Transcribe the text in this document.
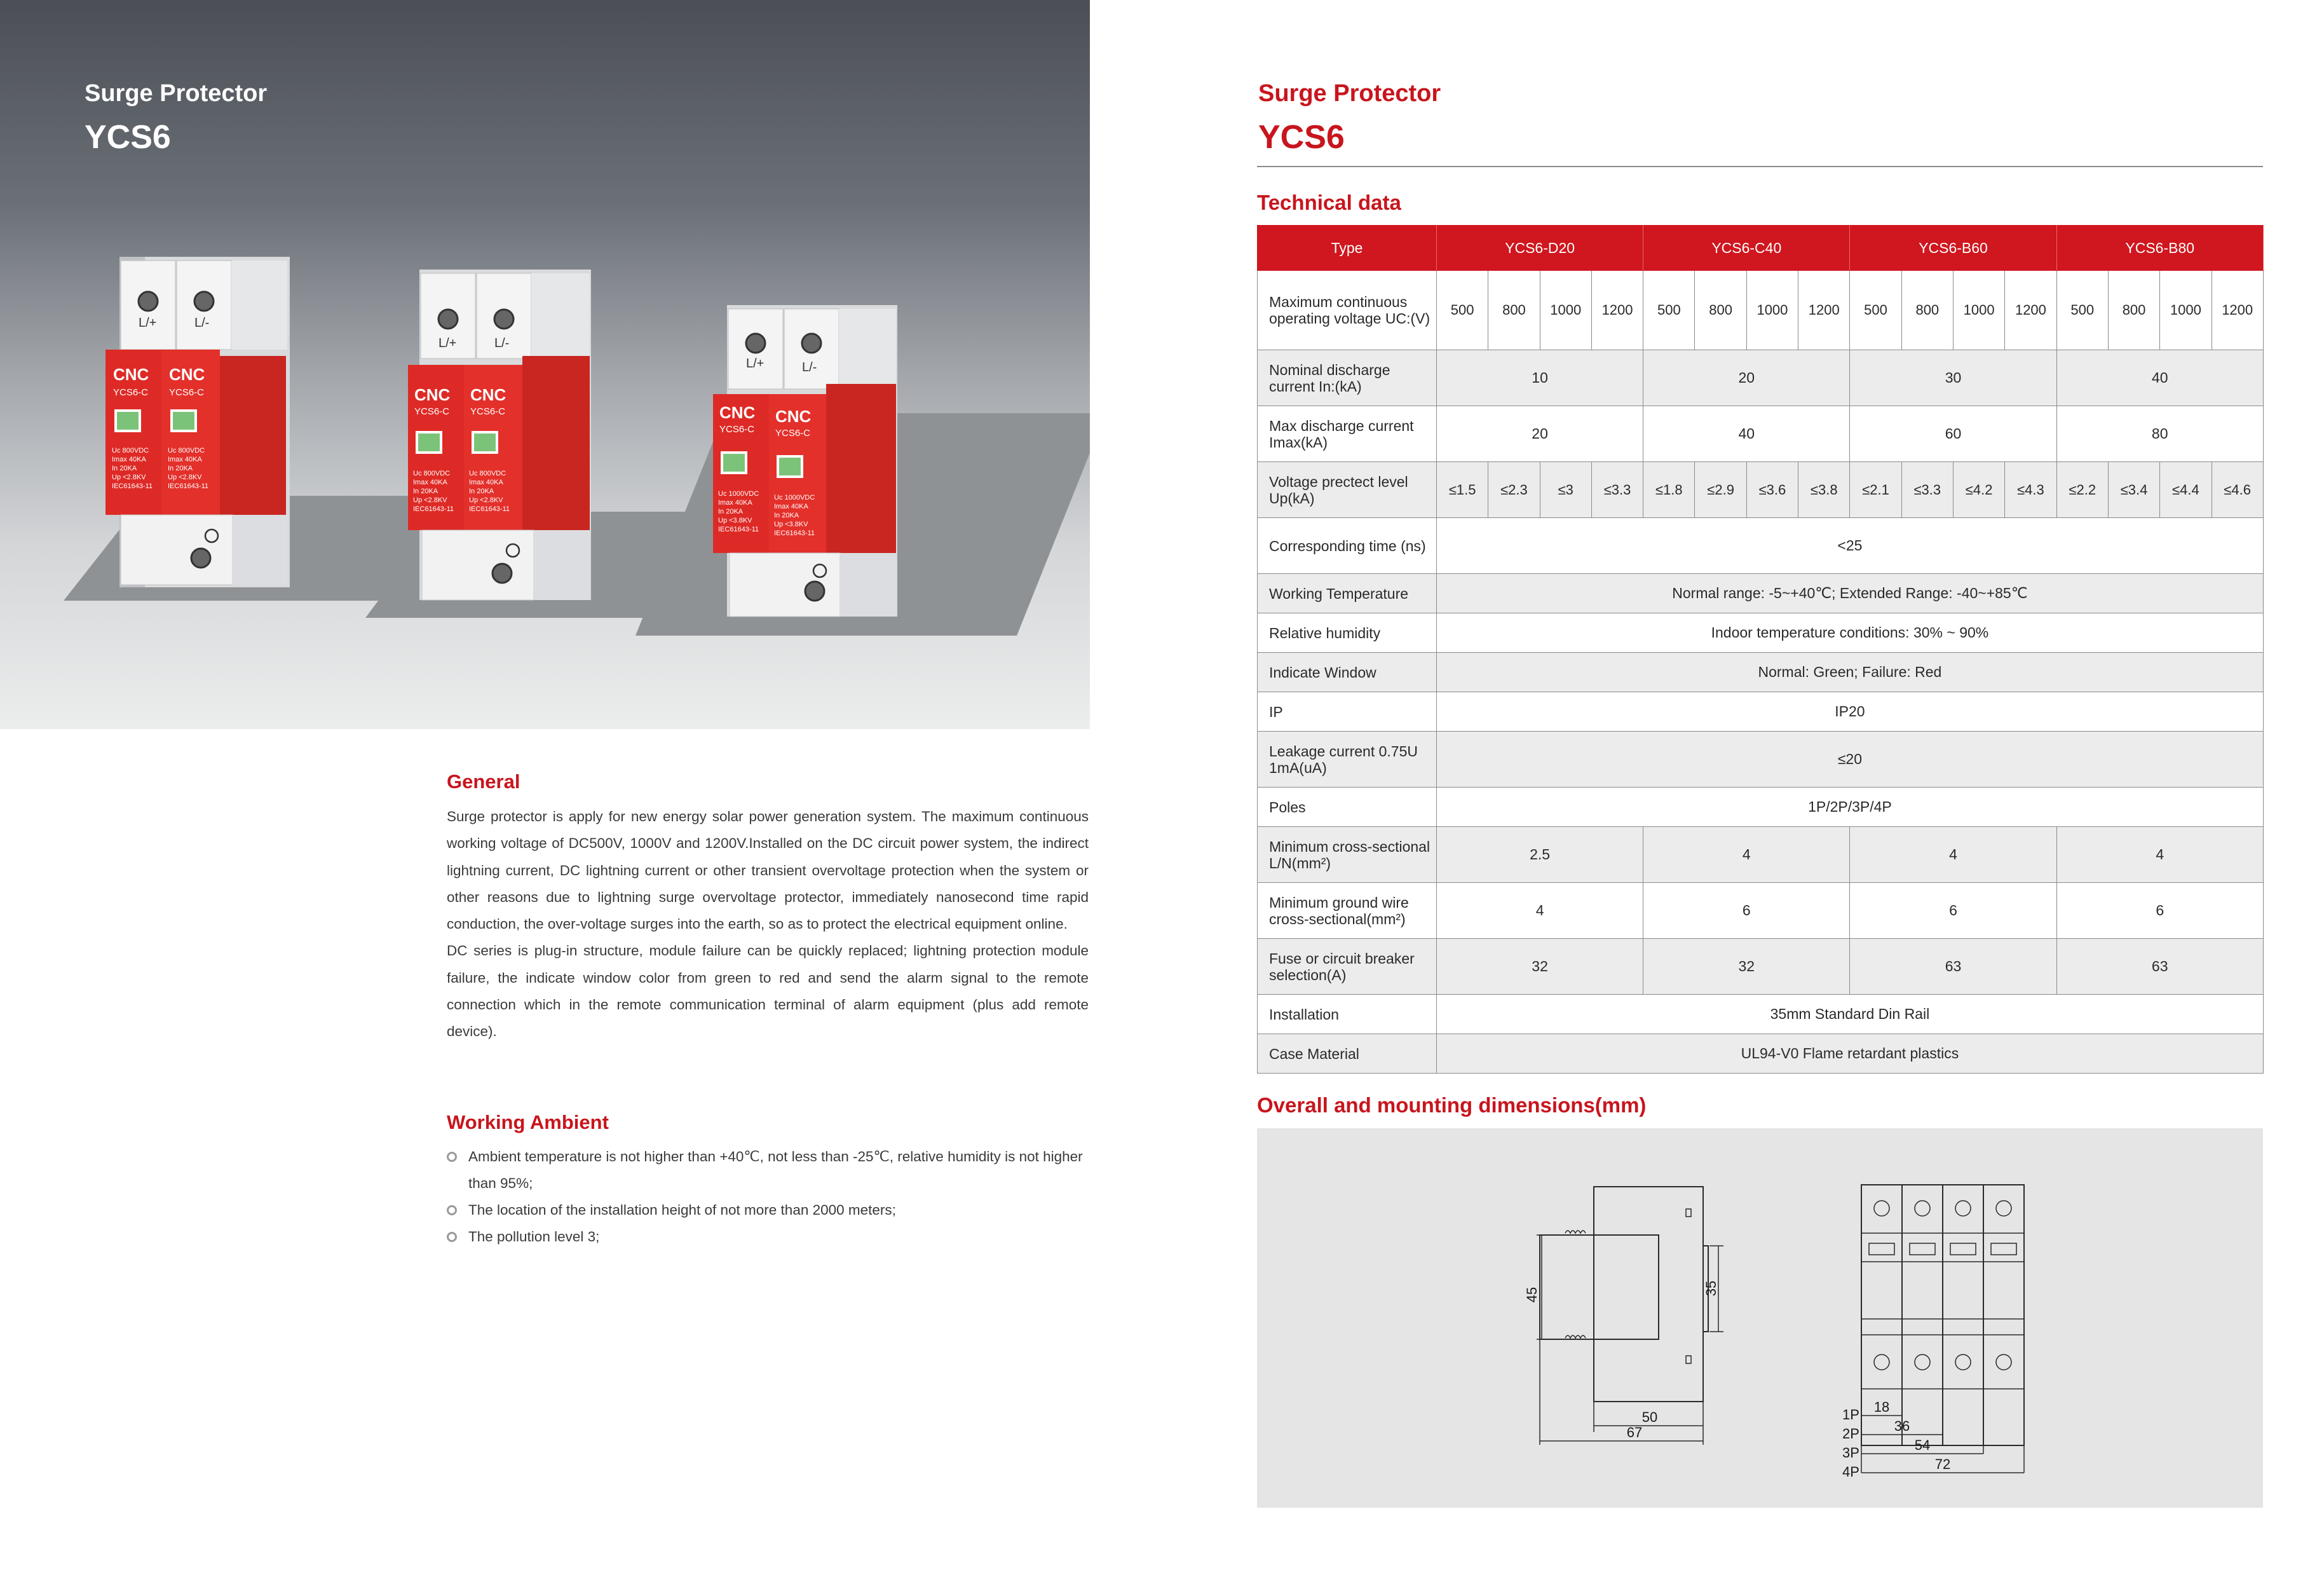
Surge Protector
YCS6
L/+	L/-
CNC CNC
YCS6-C YCS6-C
Uc 800VDC
Imax 40KA
In 20KA
Up <2.8KV
IEC61643-11
Uc 800VDC
Imax 40KA
In 20KA
Up <2.8KV
IEC61643-11
L/+	L/-
CNC CNC
YCS6-C YCS6-C
Uc 800VDC
Imax 40KA
In 20KA
Up <2.8KV
IEC61643-11
Uc 800VDC
Imax 40KA
In 20KA
Up <2.8KV
IEC61643-11
L/+	L/-
CNC CNC
YCS6-C YCS6-C
Uc 1000VDC
Imax 40KA
In 20KA
Up <3.8KV
IEC61643-11
Uc 1000VDC
Imax 40KA
In 20KA
Up <3.8KV
IEC61643-11
General
Surge protector is apply for new energy solar power generation system. The maximum continuous working voltage of DC500V, 1000V and 1200V.Installed on the DC circuit power system, the indirect lightning current, DC lightning current or other transient overvoltage protection when the system or other reasons due to lightning surge overvoltage protector, immediately nanosecond time rapid conduction, the over-voltage surges into the earth, so as to protect the electrical equipment online.
DC series is plug-in structure, module failure can be quickly replaced; lightning protection module failure, the indicate window color from green to red and send the alarm signal to the remote connection which in the remote communication terminal of alarm equipment (plus add remote device).
Working Ambient
Ambient temperature is not higher than +40℃, not less than -25℃, relative humidity is not higher than 95%;
The location of the installation height of not more than 2000 meters;
The pollution level 3;
Surge Protector
YCS6
Technical data
Type	YCS6-D20				YCS6-C40				YCS6-B60				YCS6-B80			
Maximum continuous operating voltage UC:(V)	500	800	1000	1200	500	800	1000	1200	500	800	1000	1200	500	800	1000	1200
Nominal discharge current In:(kA)	10				20				30				40			
Max discharge current Imax(kA)	20				40				60				80			
Voltage prectect level Up(kA)	≤1.5	≤2.3	≤3	≤3.3	≤1.8	≤2.9	≤3.6	≤3.8	≤2.1	≤3.3	≤4.2	≤4.3	≤2.2	≤3.4	≤4.4	≤4.6
Corresponding time (ns)	<25															
Working Temperature	Normal range: -5~+40℃; Extended Range: -40~+85℃															
Relative humidity	Indoor temperature conditions: 30% ~ 90%															
Indicate Window	Normal: Green; Failure: Red															
IP	IP20															
Leakage current 0.75U 1mA(uA)	≤20															
Poles	1P/2P/3P/4P															
Minimum cross-sectional L/N(mm²)	2.5				4				4				4			
Minimum ground wire cross-sectional(mm²)	4				6				6				6			
Fuse or circuit breaker selection(A)	32				32				63				63			
Installation	35mm Standard Din Rail															
Case Material	UL94-V0 Flame retardant plastics															
Overall and mounting dimensions(mm)
45	35
50
67
1P
2P
3P
4P
18
36
54
72
